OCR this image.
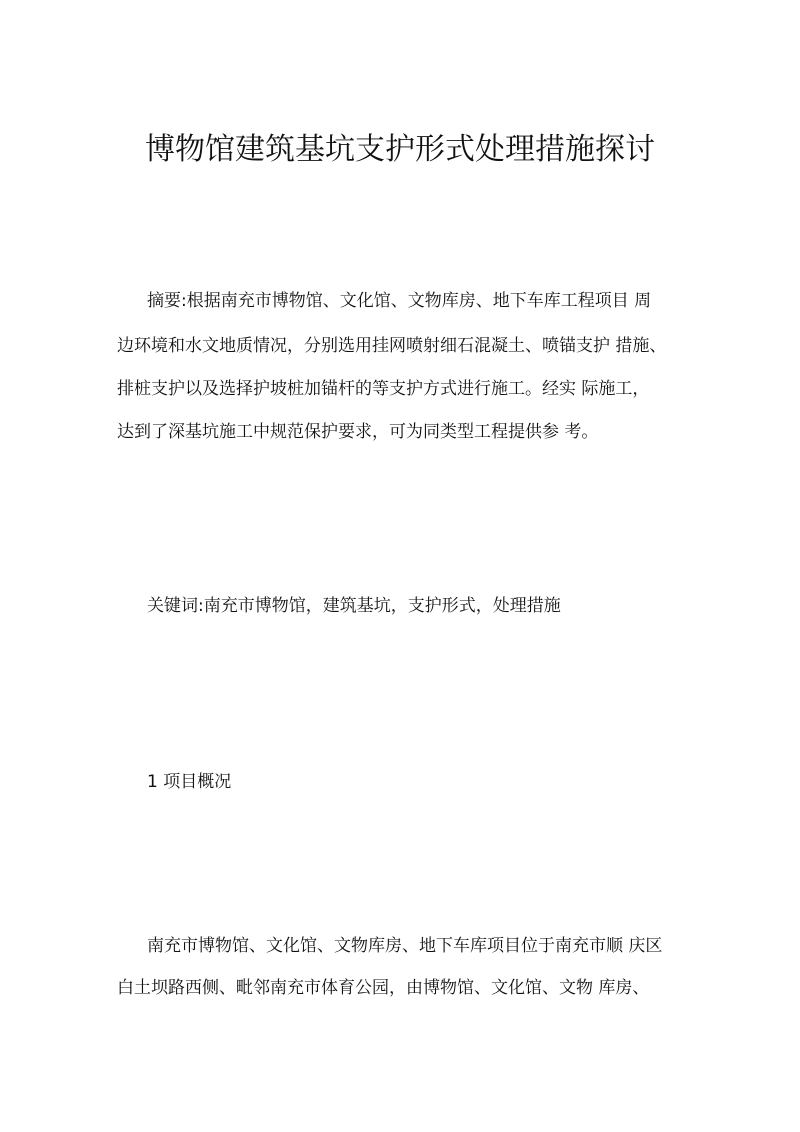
博物馆建筑基坑支护形式处理措施探讨

摘要:根据南充市博物馆、文化馆、文物库房、地下车库工程项目 周

边环境和水文地质情况，分别选用挂网喷射细石混凝土、喷锚支护 措施、

排桩支护以及选择护坡桩加锚杆的等支护方式进行施工。经实 际施工，

达到了深基坑施工中规范保护要求，可为同类型工程提供参 考。

关键词:南充市博物馆，建筑基坑，支护形式，处理措施

1 项目概况

南充市博物馆、文化馆、文物库房、地下车库项目位于南充市顺 庆区

白土坝路西侧、毗邻南充市体育公园，由博物馆、文化馆、文物 库房、
